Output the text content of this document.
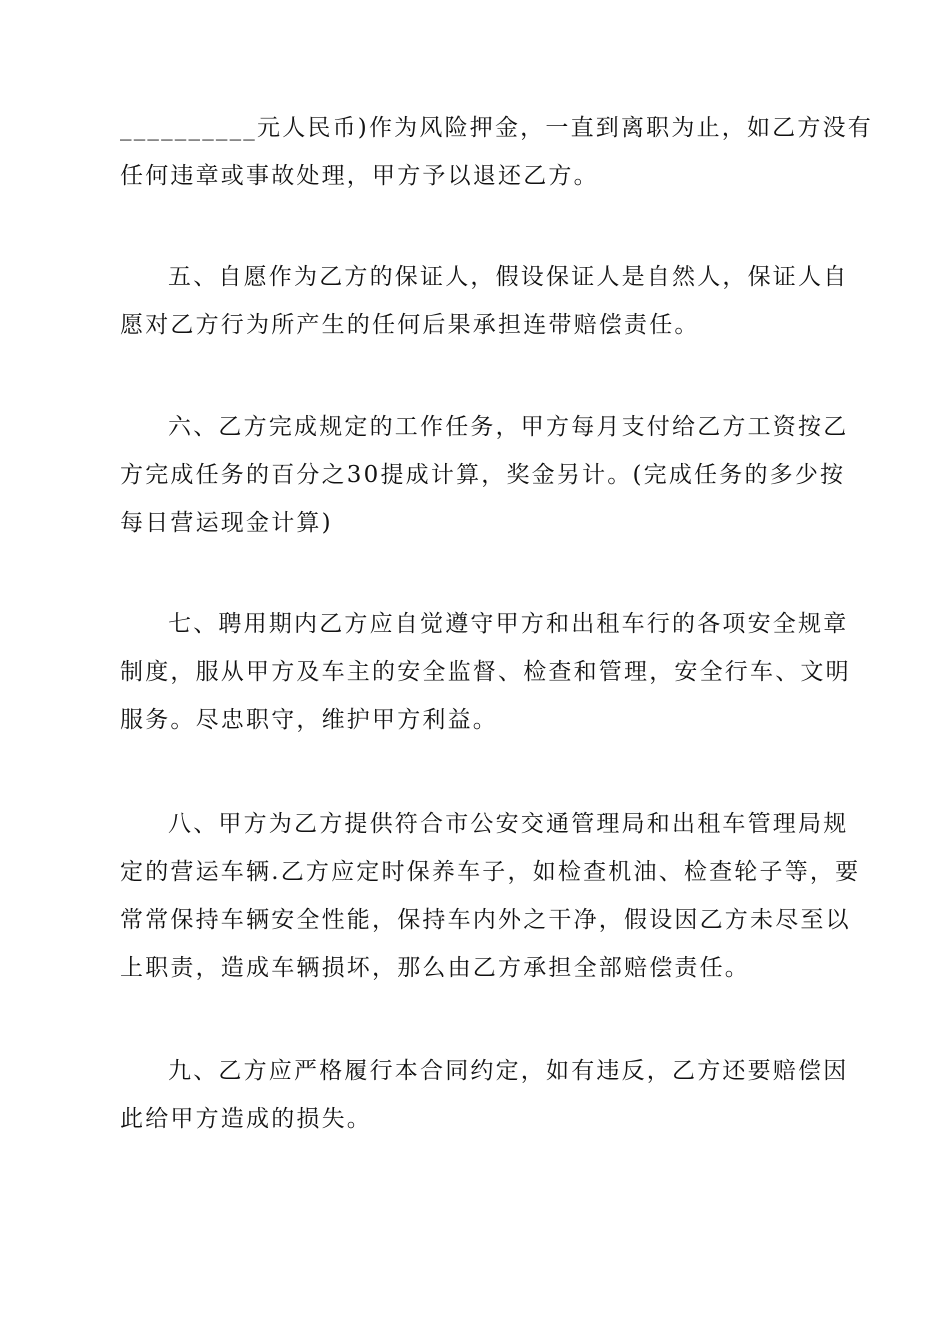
__________元人民币)作为风险押金，一直到离职为止，如乙方没有
任何违章或事故处理，甲方予以退还乙方。
五、自愿作为乙方的保证人，假设保证人是自然人，保证人自
愿对乙方行为所产生的任何后果承担连带赔偿责任。
六、乙方完成规定的工作任务，甲方每月支付给乙方工资按乙
方完成任务的百分之30提成计算，奖金另计。(完成任务的多少按
每日营运现金计算)
七、聘用期内乙方应自觉遵守甲方和出租车行的各项安全规章
制度，服从甲方及车主的安全监督、检查和管理，安全行车、文明
服务。尽忠职守，维护甲方利益。
八、甲方为乙方提供符合市公安交通管理局和出租车管理局规
定的营运车辆.乙方应定时保养车子，如检查机油、检查轮子等，要
常常保持车辆安全性能，保持车内外之干净，假设因乙方未尽至以
上职责，造成车辆损坏，那么由乙方承担全部赔偿责任。
九、乙方应严格履行本合同约定，如有违反，乙方还要赔偿因
此给甲方造成的损失。
